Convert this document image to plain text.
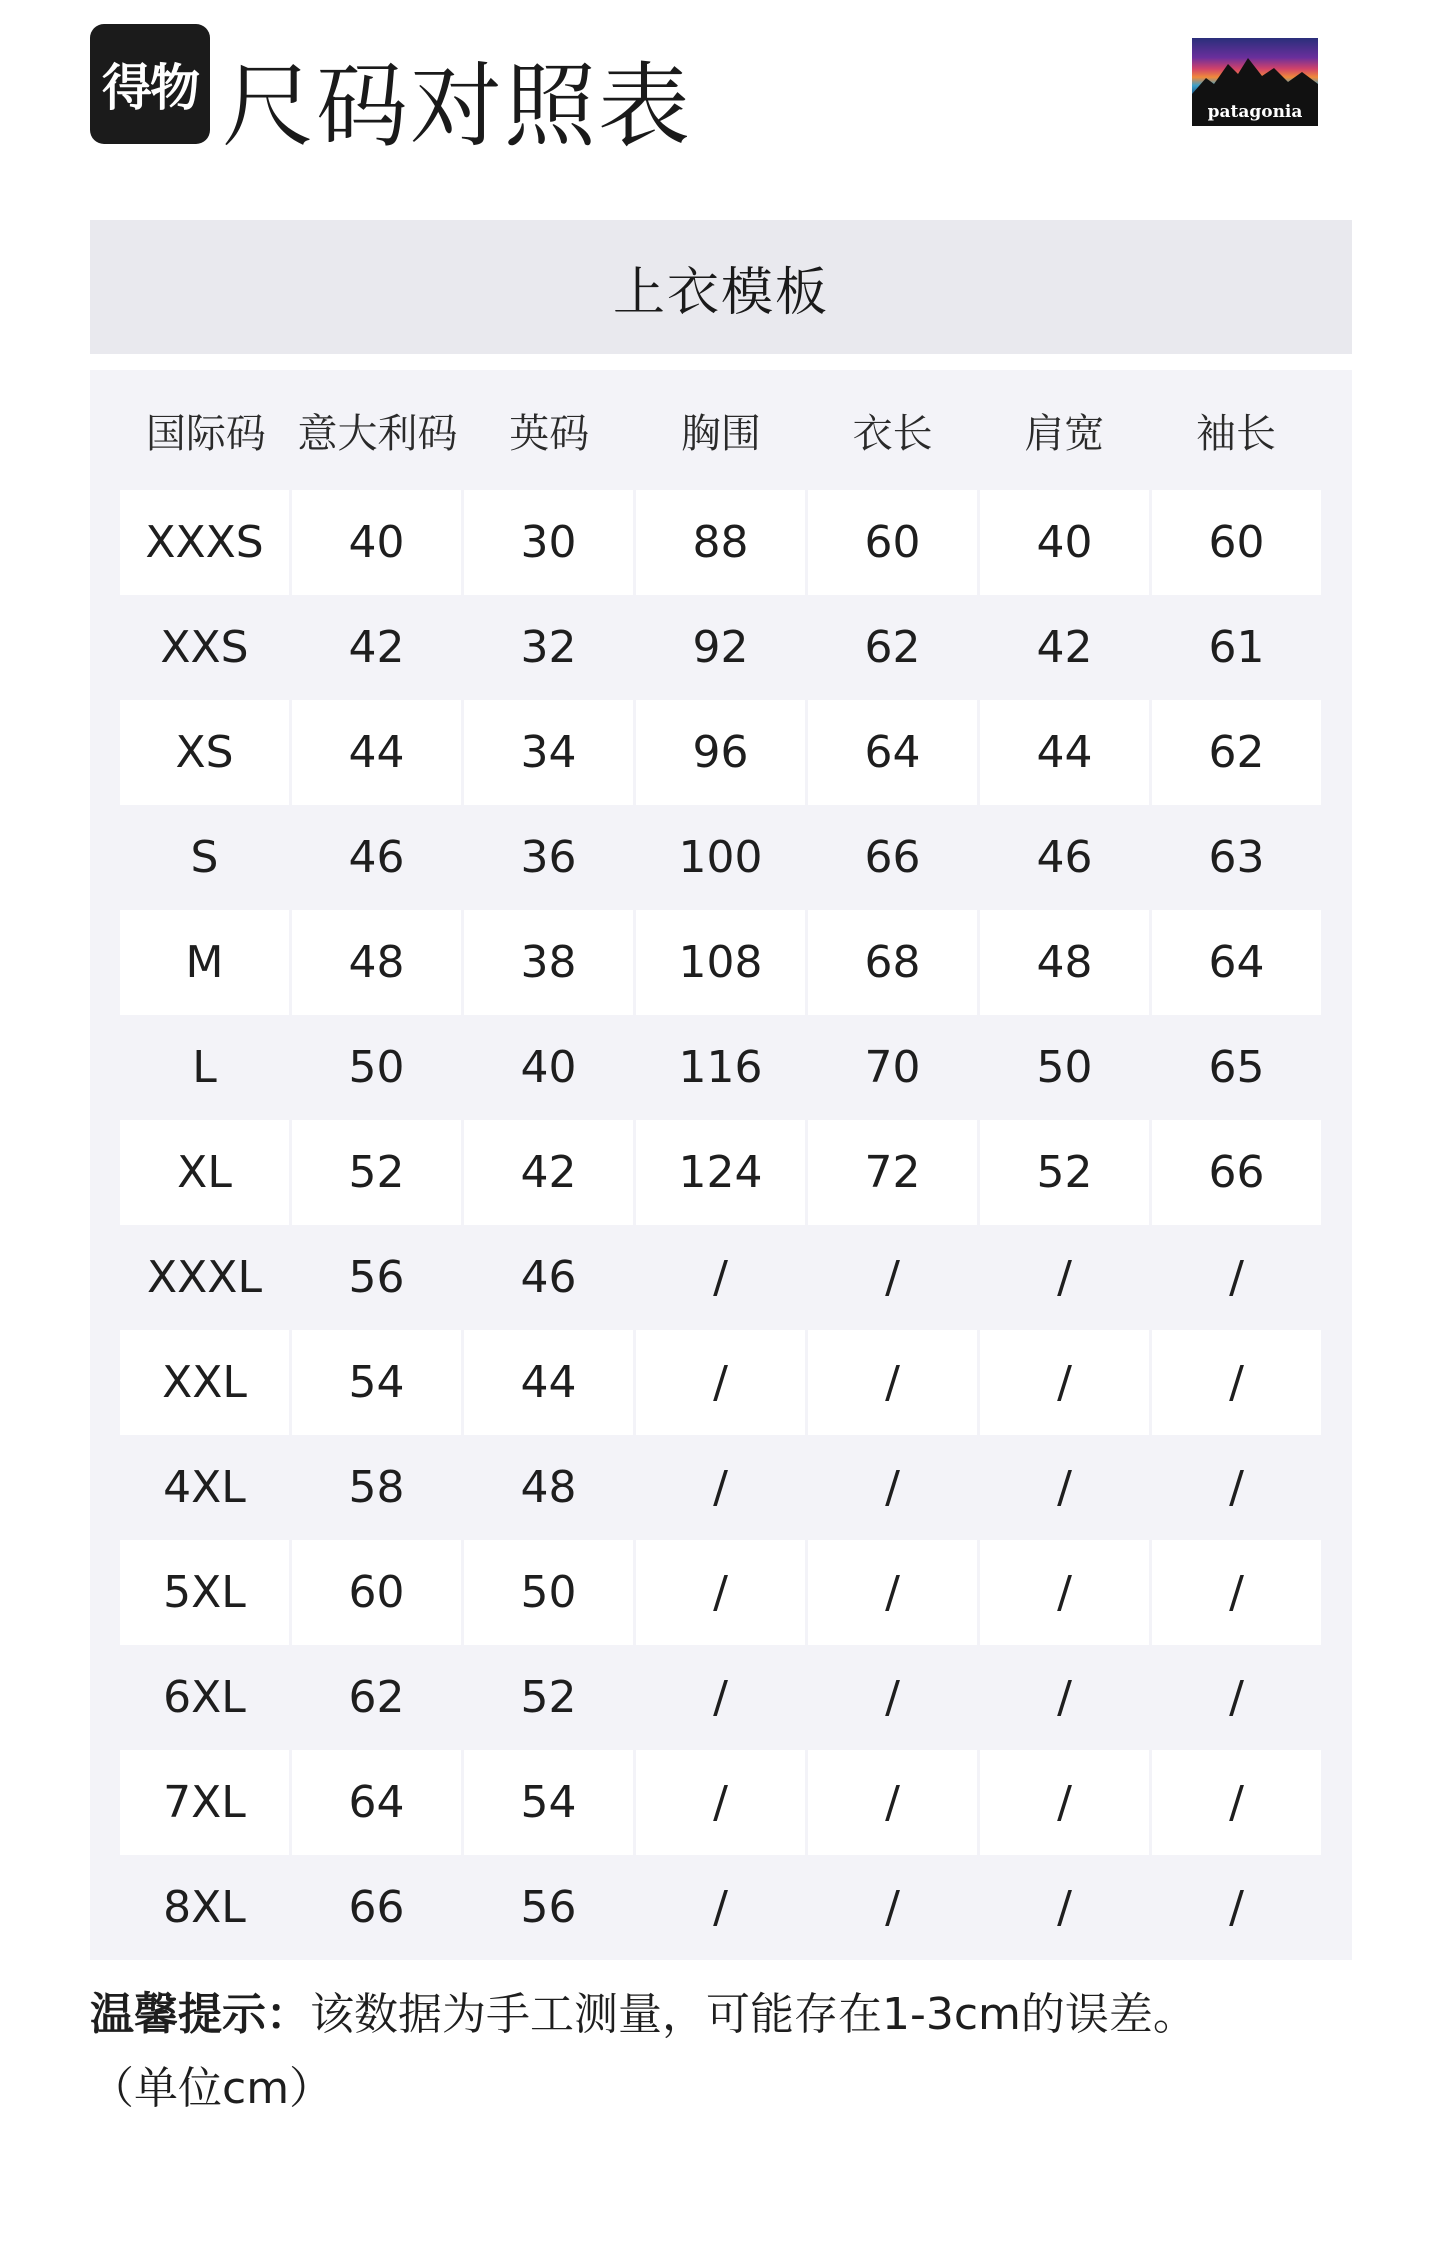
得物 尺码对照表	patagonia
上衣模板
国际码 意大利码	英码	胸围	衣长	肩宽	袖长
XXXS	40	30	88	60	40	60
XXS	42	32	92	62	42	61
XS	44	34	96	64	44	62
S	46	36	100	66	46	63
M	48	38	108	68	48	64
L	50	40	116	70	50	65
XL	52	42	124	72	52	66
XXXL	56	46	/	/	/	/
XXL	54	44	/	/	/	/
4XL	58	48	/	/	/	/
5XL	60	50	/	/	/	/
6XL	62	52	/	/	/	/
7XL	64	54	/	/	/	/
8XL	66	56	/	/	/	/
温馨提示：该数据为手工测量，可能存在1-3cm的误差。
（单位cm）
